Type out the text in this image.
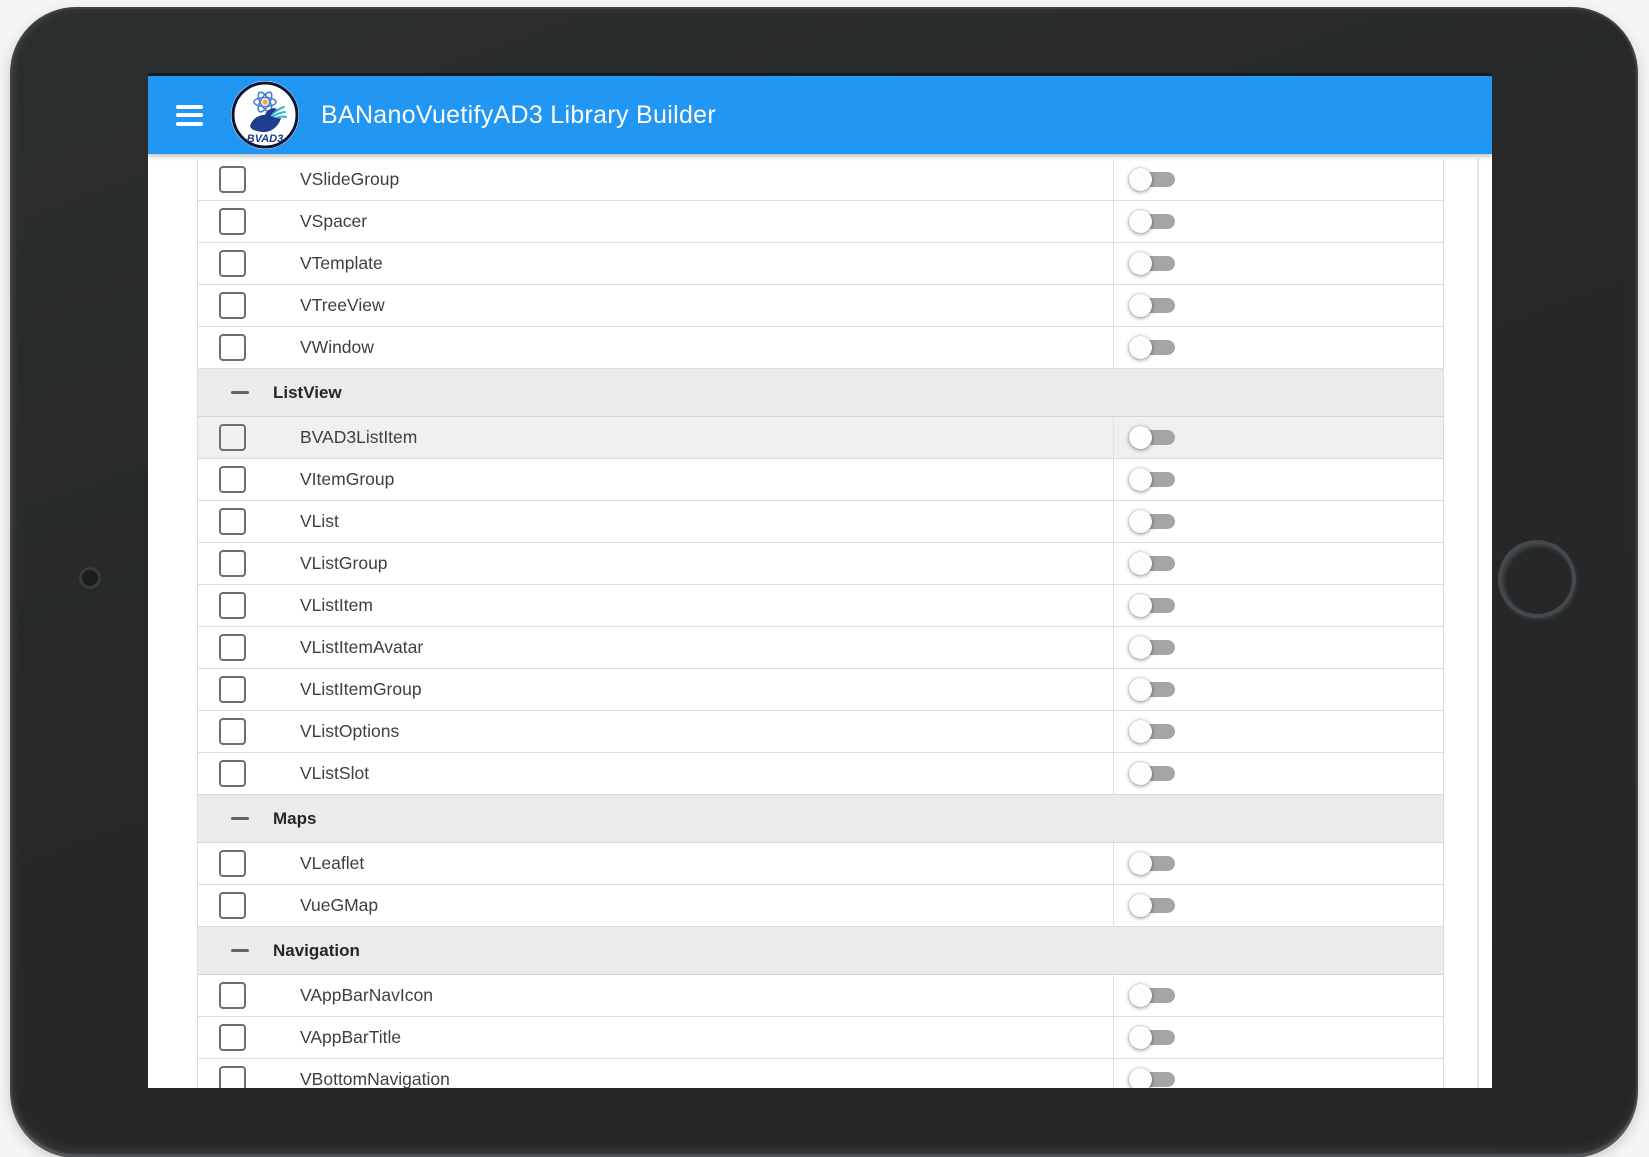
BVAD3
BANanoVuetifyAD3 Library Builder
VSlideGroup
VSpacer
VTemplate
VTreeView
VWindow
ListView
BVAD3ListItem
VItemGroup
VList
VListGroup
VListItem
VListItemAvatar
VListItemGroup
VListOptions
VListSlot
Maps
VLeaflet
VueGMap
Navigation
VAppBarNavIcon
VAppBarTitle
VBottomNavigation
